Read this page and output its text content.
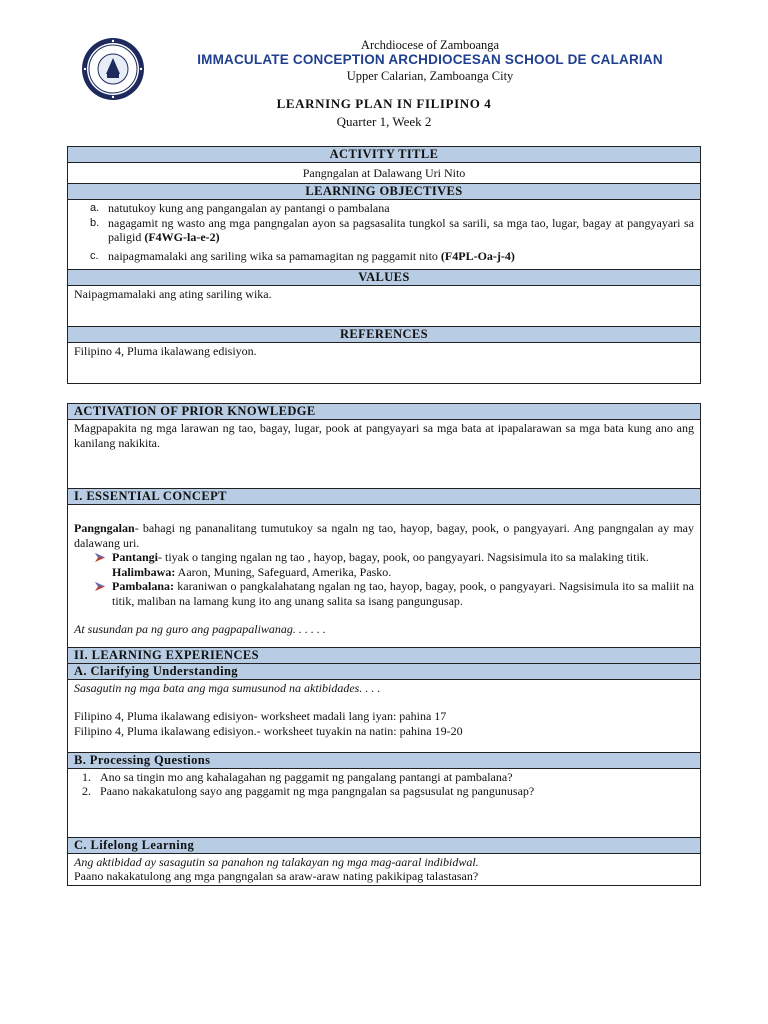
Archdiocese of Zamboanga
IMMACULATE CONCEPTION ARCHDIOCESAN SCHOOL DE CALARIAN
Upper Calarian, Zamboanga City
LEARNING PLAN IN FILIPINO 4
Quarter 1, Week 2
ACTIVITY TITLE
Pangngalan at Dalawang Uri Nito
LEARNING OBJECTIVES

a. natutukoy kung ang pangangalan ay pantangi o pambalana
b. nagagamit ng wasto ang mga pangngalan ayon sa pagsasalita tungkol sa sarili, sa mga tao, lugar, bagay at pangyayari sa paligid (F4WG-la-e-2)
c. naipagmamalaki ang sariling wika sa pamamagitan ng paggamit nito (F4PL-Oa-j-4)

VALUES
Naipagmamalaki ang ating sariling wika.
REFERENCES
Filipino 4, Pluma ikalawang edisiyon.
ACTIVATION OF PRIOR KNOWLEDGE
Magpapakita ng mga larawan ng tao, bagay, lugar, pook at pangyayari sa mga bata at ipapalarawan sa mga bata kung ano ang kanilang nakikita.
I. ESSENTIAL CONCEPT

Pangngalan- bahagi ng pananalitang tumutukoy sa ngaln ng tao, hayop, bagay, pook, o pangyayari. Ang pangngalan ay may dalawang uri.
Pantangi- tiyak o tanging ngalan ng tao , hayop, bagay, pook, oo pangyayari. Nagsisimula ito sa malaking titik.
Halimbawa: Aaron, Muning, Safeguard, Amerika, Pasko.
Pambalana: karaniwan o pangkalahatang ngalan ng tao, hayop, bagay, pook, o pangyayari. Nagsisimula ito sa maliit na titik, maliban na lamang kung ito ang unang salita sa isang pangungusap.
At susundan pa ng guro ang pagpapaliwanag. . . . . .

II. LEARNING EXPERIENCES
A. Clarifying Understanding

Sasagutin ng mga bata ang mga sumusunod na aktibidades. . . .
Filipino 4, Pluma ikalawang edisiyon- worksheet madali lang iyan: pahina 17
Filipino 4, Pluma ikalawang edisiyon.- worksheet tuyakin na natin: pahina 19-20

B. Processing Questions

1. Ano sa tingin mo ang kahalagahan ng paggamit ng pangalang pantangi at pambalana?
2. Paano nakakatulong sayo ang paggamit ng mga pangngalan sa pagsusulat ng pangunusap?

C. Lifelong Learning

Ang aktibidad ay sasagutin sa panahon ng talakayan ng mga mag-aaral indibidwal.
Paano nakakatulong ang mga pangngalan sa araw-araw nating pakikipag talastasan?
